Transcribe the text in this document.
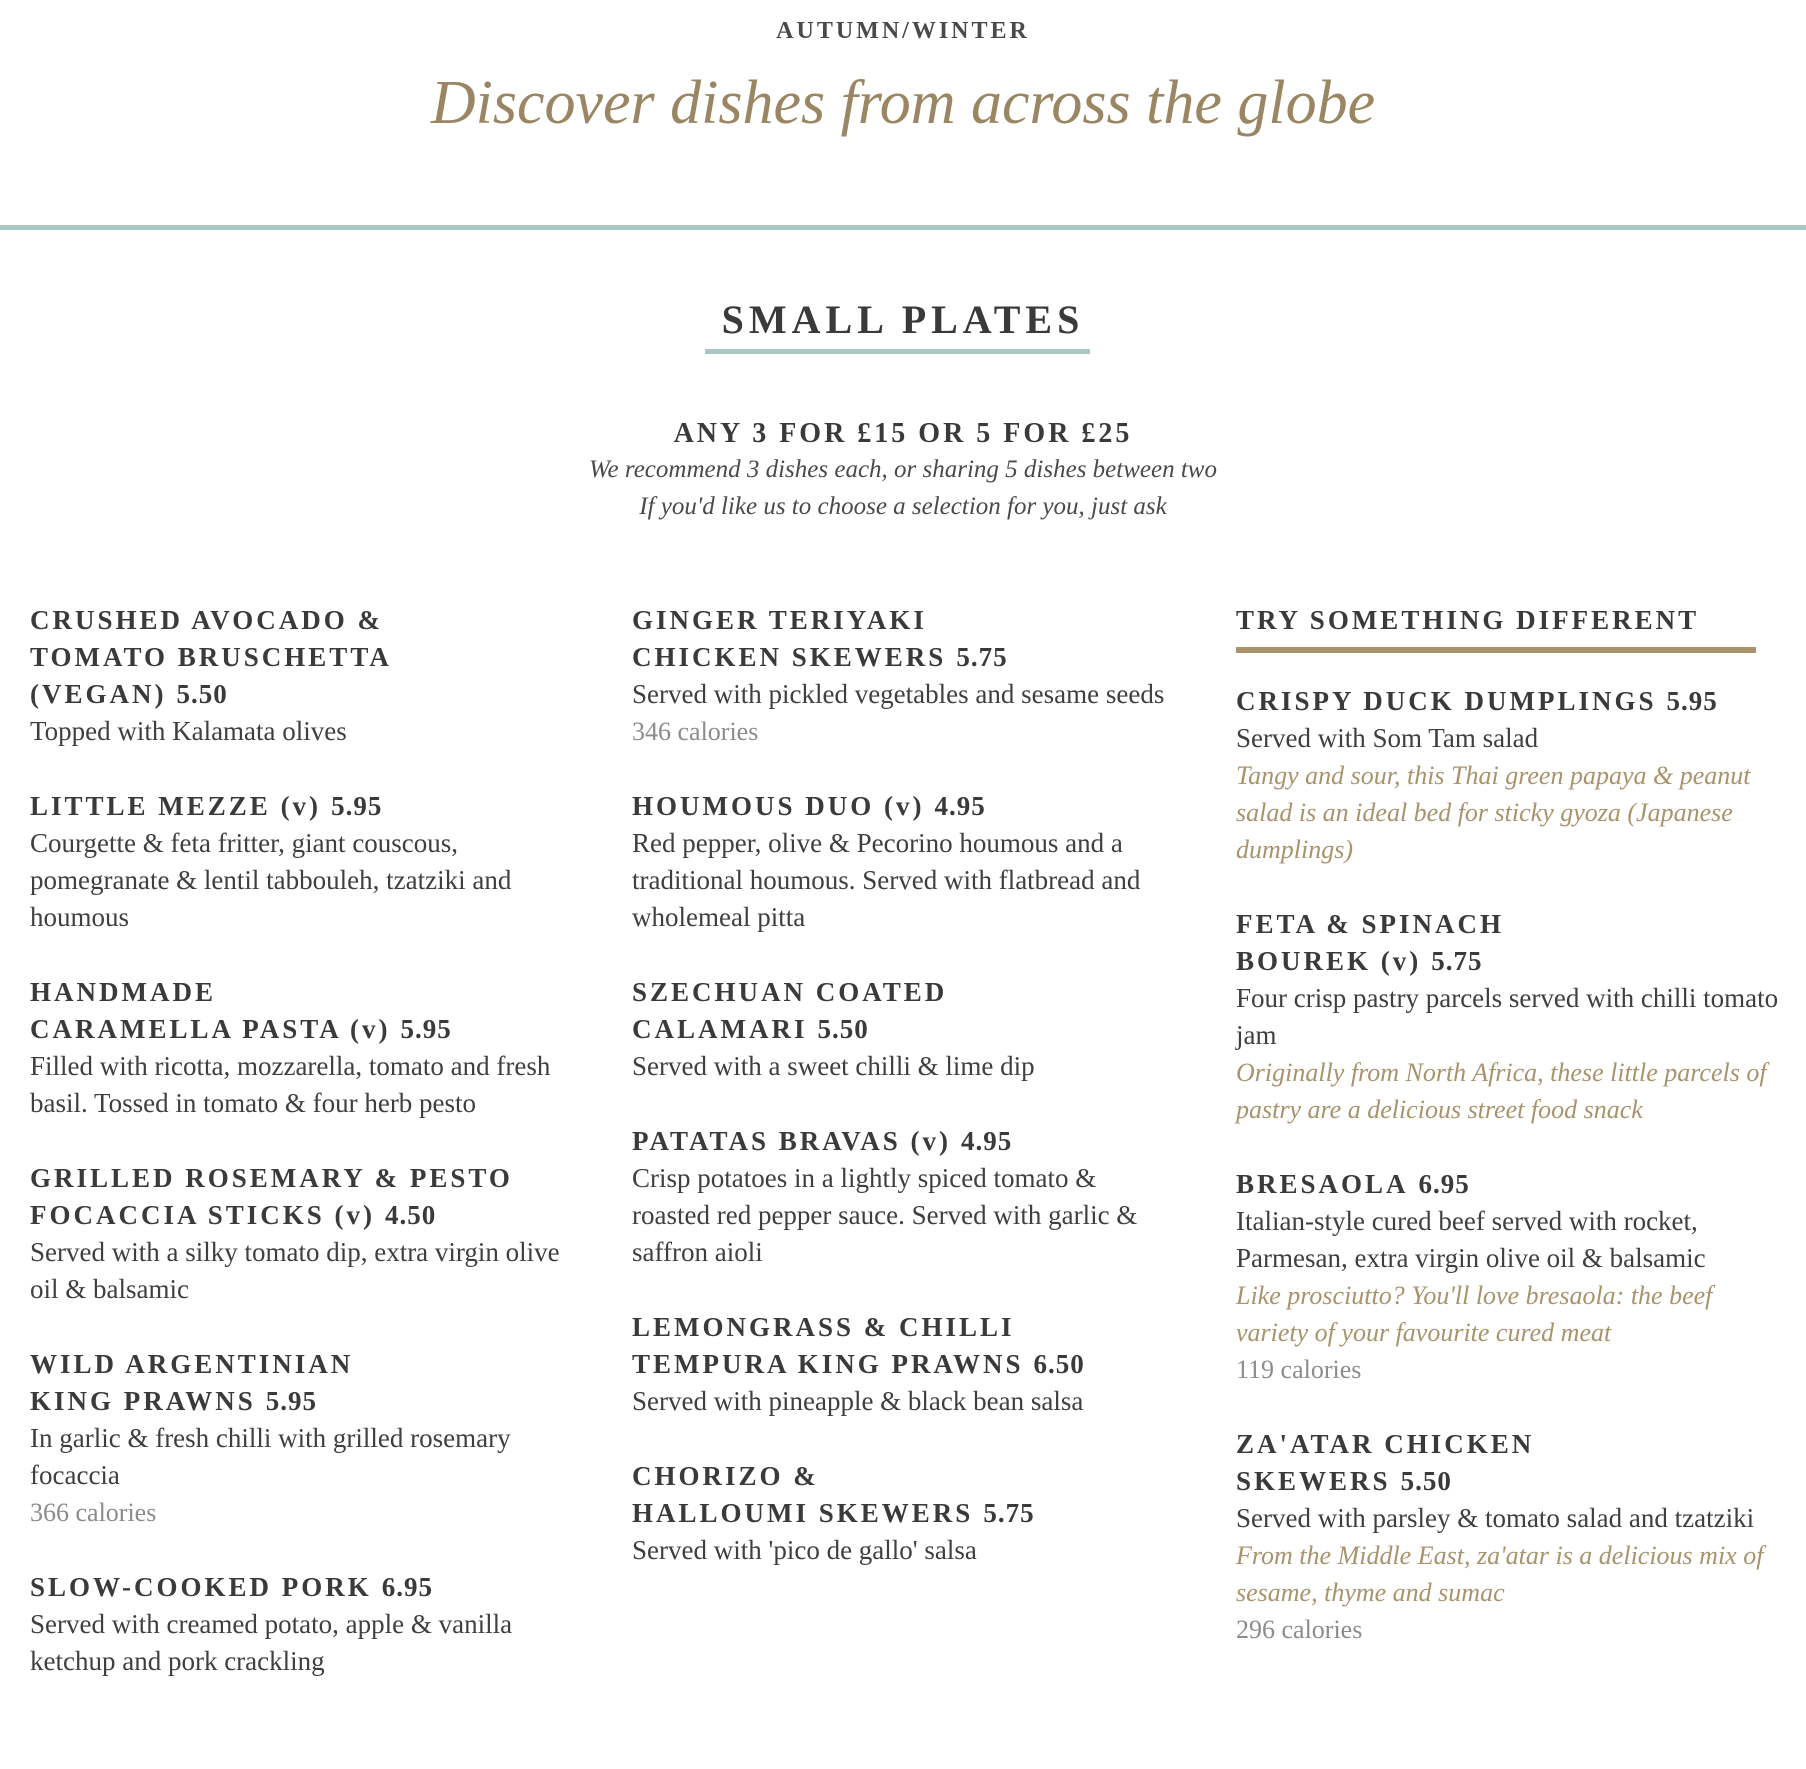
AUTUMN/WINTER
Discover dishes from across the globe
SMALL PLATES
ANY 3 FOR £15 OR 5 FOR £25
We recommend 3 dishes each, or sharing 5 dishes between two
If you'd like us to choose a selection for you, just ask
CRUSHED AVOCADO &
TOMATO BRUSCHETTA
(VEGAN) 5.50
Topped with Kalamata olives
LITTLE MEZZE (v) 5.95
Courgette & feta fritter, giant couscous, pomegranate & lentil tabbouleh, tzatziki and houmous
HANDMADE
CARAMELLA PASTA (v) 5.95
Filled with ricotta, mozzarella, tomato and fresh basil. Tossed in tomato & four herb pesto
GRILLED ROSEMARY & PESTO
FOCACCIA STICKS (v) 4.50
Served with a silky tomato dip, extra virgin olive oil & balsamic
WILD ARGENTINIAN
KING PRAWNS 5.95
In garlic & fresh chilli with grilled rosemary focaccia
366 calories
SLOW-COOKED PORK 6.95
Served with creamed potato, apple & vanilla ketchup and pork crackling
GINGER TERIYAKI
CHICKEN SKEWERS 5.75
Served with pickled vegetables and sesame seeds
346 calories
HOUMOUS DUO (v) 4.95
Red pepper, olive & Pecorino houmous and a traditional houmous. Served with flatbread and wholemeal pitta
SZECHUAN COATED
CALAMARI 5.50
Served with a sweet chilli & lime dip
PATATAS BRAVAS (v) 4.95
Crisp potatoes in a lightly spiced tomato & roasted red pepper sauce. Served with garlic & saffron aioli
LEMONGRASS & CHILLI
TEMPURA KING PRAWNS 6.50
Served with pineapple & black bean salsa
CHORIZO &
HALLOUMI SKEWERS 5.75
Served with 'pico de gallo' salsa
TRY SOMETHING DIFFERENT
CRISPY DUCK DUMPLINGS 5.95
Served with Som Tam salad
Tangy and sour, this Thai green papaya & peanut salad is an ideal bed for sticky gyoza (Japanese dumplings)
FETA & SPINACH
BOUREK (v) 5.75
Four crisp pastry parcels served with chilli tomato jam
Originally from North Africa, these little parcels of pastry are a delicious street food snack
BRESAOLA 6.95
Italian-style cured beef served with rocket, Parmesan, extra virgin olive oil & balsamic
Like prosciutto? You'll love bresaola: the beef variety of your favourite cured meat
119 calories
ZA'ATAR CHICKEN
SKEWERS 5.50
Served with parsley & tomato salad and tzatziki
From the Middle East, za'atar is a delicious mix of sesame, thyme and sumac
296 calories
